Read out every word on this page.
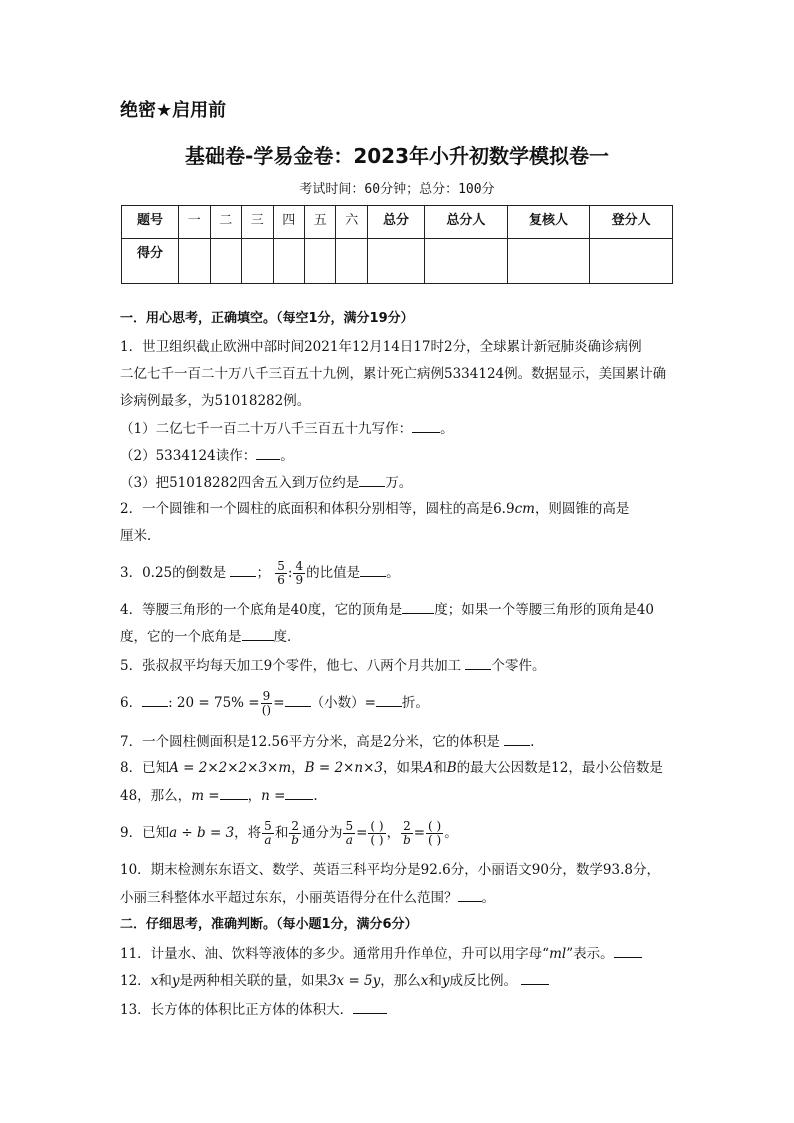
绝密★启用前
基础卷-学易金卷：2023年小升初数学模拟卷一
考试时间：60分钟；总分：100分
题号	一	二	三	四	五	六	总分	总分人	复核人	登分人
得分										
一．用心思考，正确填空。（每空1分，满分19分）
1．世卫组织截止欧洲中部时间2021年12月14日17时2分，全球累计新冠肺炎确诊病例
二亿七千一百二十万八千三百五十九例，累计死亡病例5334124例。数据显示，美国累计确
诊病例最多，为51018282例。
（1）二亿七千一百二十万八千三百五十九写作： 。
（2）5334124读作： 。
（3）把51018282四舍五入到万位约是 万。
2．一个圆锥和一个圆柱的底面积和体积分别相等，圆柱的高是6.9cm，则圆锥的高是
厘米．
3．0.25的倒数是 ； $\frac{5}{6}$ : $\frac{4}{9}$ 的比值是 。
4．等腰三角形的一个底角是40度，它的顶角是 度；如果一个等腰三角形的顶角是40
度，它的一个底角是 度．
5．张叔叔平均每天加工9个零件，他七、八两个月共加工 个零件。
6． : $20 = 75\% = \frac{9}{()}$ = （小数）= 折。
7．一个圆柱侧面积是12.56平方分米，高是2分米，它的体积是 .
8．已知A = 2×2×2×3×m，B = 2×n×3，如果A和B的最大公因数是12，最小公倍数是
48，那么，m = ，n = .
9．已知a ÷ b = 3，将 $\frac{5}{a}$ 和 $\frac{2}{b}$ 通分为 $\frac{5}{a} = \frac{( )}{( )}$ ， $\frac{2}{b} = \frac{( )}{( )}$ 。
10．期末检测东东语文、数学、英语三科平均分是92.6分，小丽语文90分，数学93.8分，
小丽三科整体水平超过东东，小丽英语得分在什么范围？ 。
二．仔细思考，准确判断。（每小题1分，满分6分）
11．计量水、油、饮料等液体的多少。通常用升作单位，升可以用字母“ml”表示。
12．x和y是两种相关联的量，如果3x = 5y，那么x和y成反比例。
13．长方体的体积比正方体的体积大．
